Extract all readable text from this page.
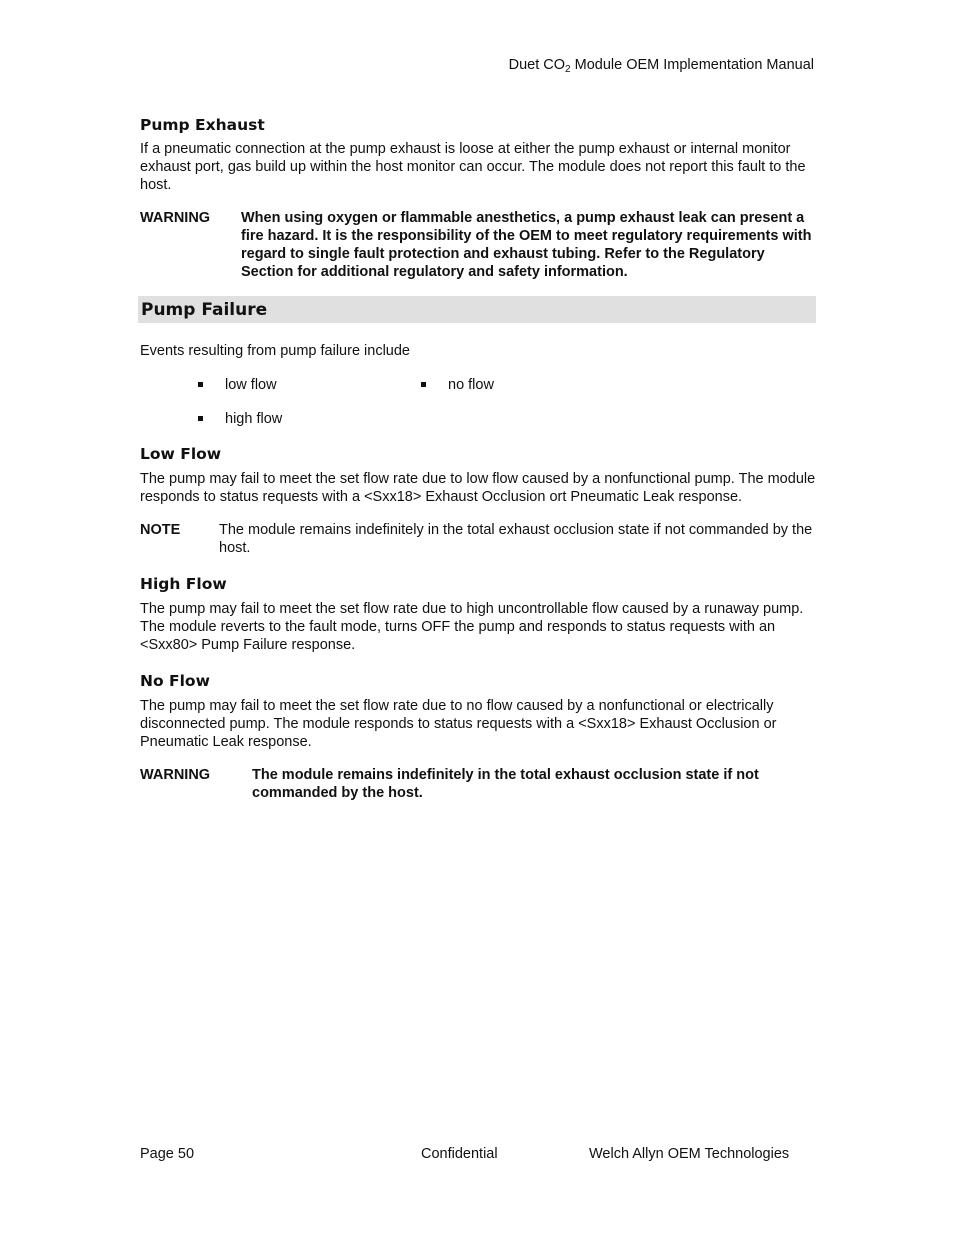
Duet $CO_2$ Module OEM Implementation Manual
Pump Exhaust

If a pneumatic connection at the pump exhaust is loose at either the pump exhaust or internal monitor exhaust port, gas build up within the host monitor can occur. The module does not report this fault to the host.

WARNING When using oxygen or flammable anesthetics, a pump exhaust leak can present a fire hazard. It is the responsibility of the OEM to meet regulatory requirements with regard to single fault protection and exhaust tubing. Refer to the Regulatory Section for additional regulatory and safety information.
Pump Failure

Events resulting from pump failure include

low flow	no flow
high flow
Low Flow

The pump may fail to meet the set flow rate due to low flow caused by a nonfunctional pump. The module responds to status requests with a <Sxx18> Exhaust Occlusion ort Pneumatic Leak response.

NOTE	The module remains indefinitely in the total exhaust occlusion state if not commanded by the host.
High Flow

The pump may fail to meet the set flow rate due to high uncontrollable flow caused by a runaway pump. The module reverts to the fault mode, turns OFF the pump and responds to status requests with an <Sxx80> Pump Failure response.

No Flow

The pump may fail to meet the set flow rate due to no flow caused by a nonfunctional or electrically disconnected pump. The module responds to status requests with a <Sxx18> Exhaust Occlusion or Pneumatic Leak response.

WARNING	The module remains indefinitely in the total exhaust occlusion state if not commanded by the host.
Page 50	Confidential	Welch Allyn OEM Technologies
